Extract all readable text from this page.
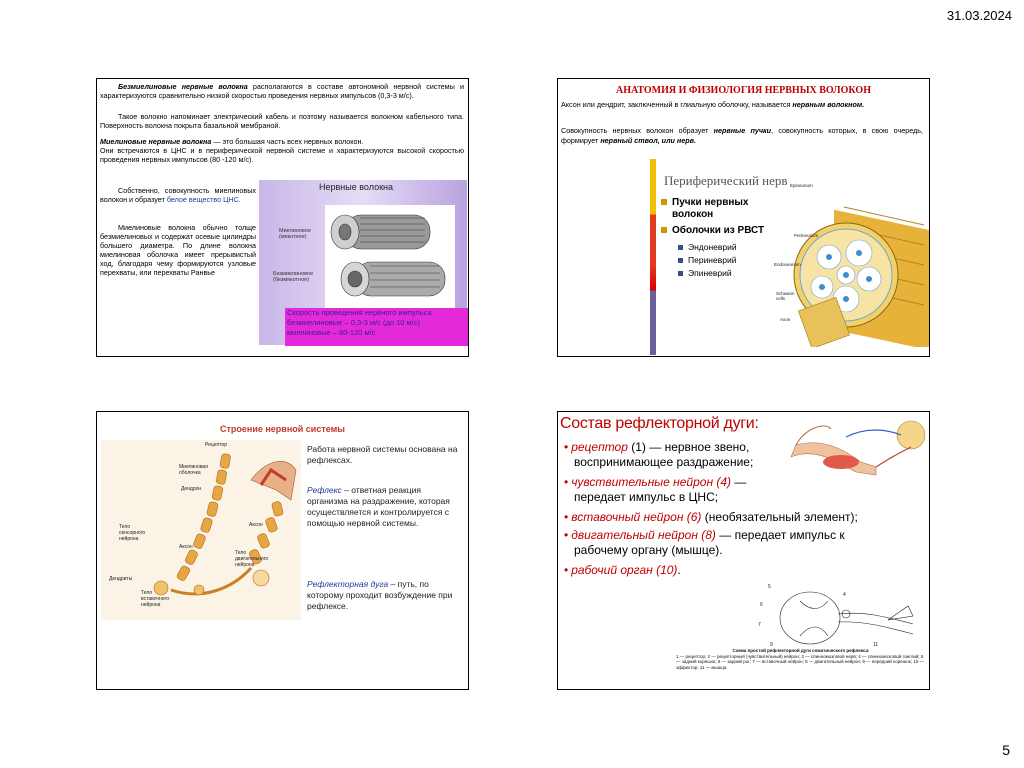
31.03.2024
Безмиелиновые нервные волокна располагаются в составе автономной нервной системы и характеризуются сравнительно низкой скоростью проведения нервных импульсов (0,3-3 м/с).
Такое волокно напоминает электрический кабель и поэтому называется волокном кабельного типа. Поверхность волокна покрыта базальной мембраной.
Миелиновые нервные волокна — это большая часть всех нервных волокон.
Они встречаются в ЦНС и в периферической нервной системе и характеризуются высокой скоростью проведения нервных импульсов (80 -120 м/с).
Собственно, совокупность миелиновых волокон и образует белое вещество ЦНС.
Миелиновые волокна обычно толще безмиелиновых и содержат осевые цилиндры большего диаметра. По длине волокна миелиновая оболочка имеет прерывистый ход, благодаря чему формируются узловые перехваты, или перехваты Ранвье
Нервные волокна
Миелиновое
(мякотное)
Безмиелиновое
(безмякотное)
Скорость проведения нервного импульса
безмиелиновые – 0,3-3 м/с (до 10 м/с)
миелиновые – 80-120 м/с
АНАТОМИЯ И ФИЗИОЛОГИЯ НЕРВНЫХ ВОЛОКОН
Аксон или дендрит, заключенный в глиальную оболочку, называется нервным волокном.
Совокупность нервных волокон образует нервные пучки, совокупность которых, в свою очередь, формирует нервный ствол, или нерв.
Периферический нерв
Пучки нервных
волокон
Оболочки из РВСТ
Эндоневрий
Периневрий
Эпиневрий
Epineurium
Perineurium
Endoneurium
Schwann
cells
Axon
Строение нервной системы
Рецептор
Миелиновая
оболочка
Дендрон
Тело
сенсорного
нейрона
Аксон
Аксон
Тело
двигательного
нейрона
Дендриты
Тело
вставочного
нейрона
Работа нервной системы основана на рефлексах.
Рефлекс – ответная реакция организма на раздражение, которая осуществляется и контролируется с помощью нервной системы.
Рефлекторная дуга – путь, по которому проходит возбуждение при рефлексе.
Состав рефлекторной дуги:
• рецептор (1) — нервное звено,
воспринимающее раздражение;
• чувствительные нейрон (4) —
передает импульс в ЦНС;
• вставочный нейрон (6) (необязательный элемент);
• двигательный нейрон (8) — передает импульс к
рабочему органу (мышце).
• рабочий орган (10).
5
6
7
9
4
11
Схема простой рефлекторной дуги соматического рефлекса:
1 — рецептор; 2 — рецепторный (чувствительный) нейрон; 3 — спинномозговой нерв; 4 — спинномозговой ганглий; 5 — задний корешок; 6 — задний рог; 7 — вставочный нейрон; 8 — двигательный нейрон; 9 — передний корешок; 10 — эффектор; 11 — мышца
5
